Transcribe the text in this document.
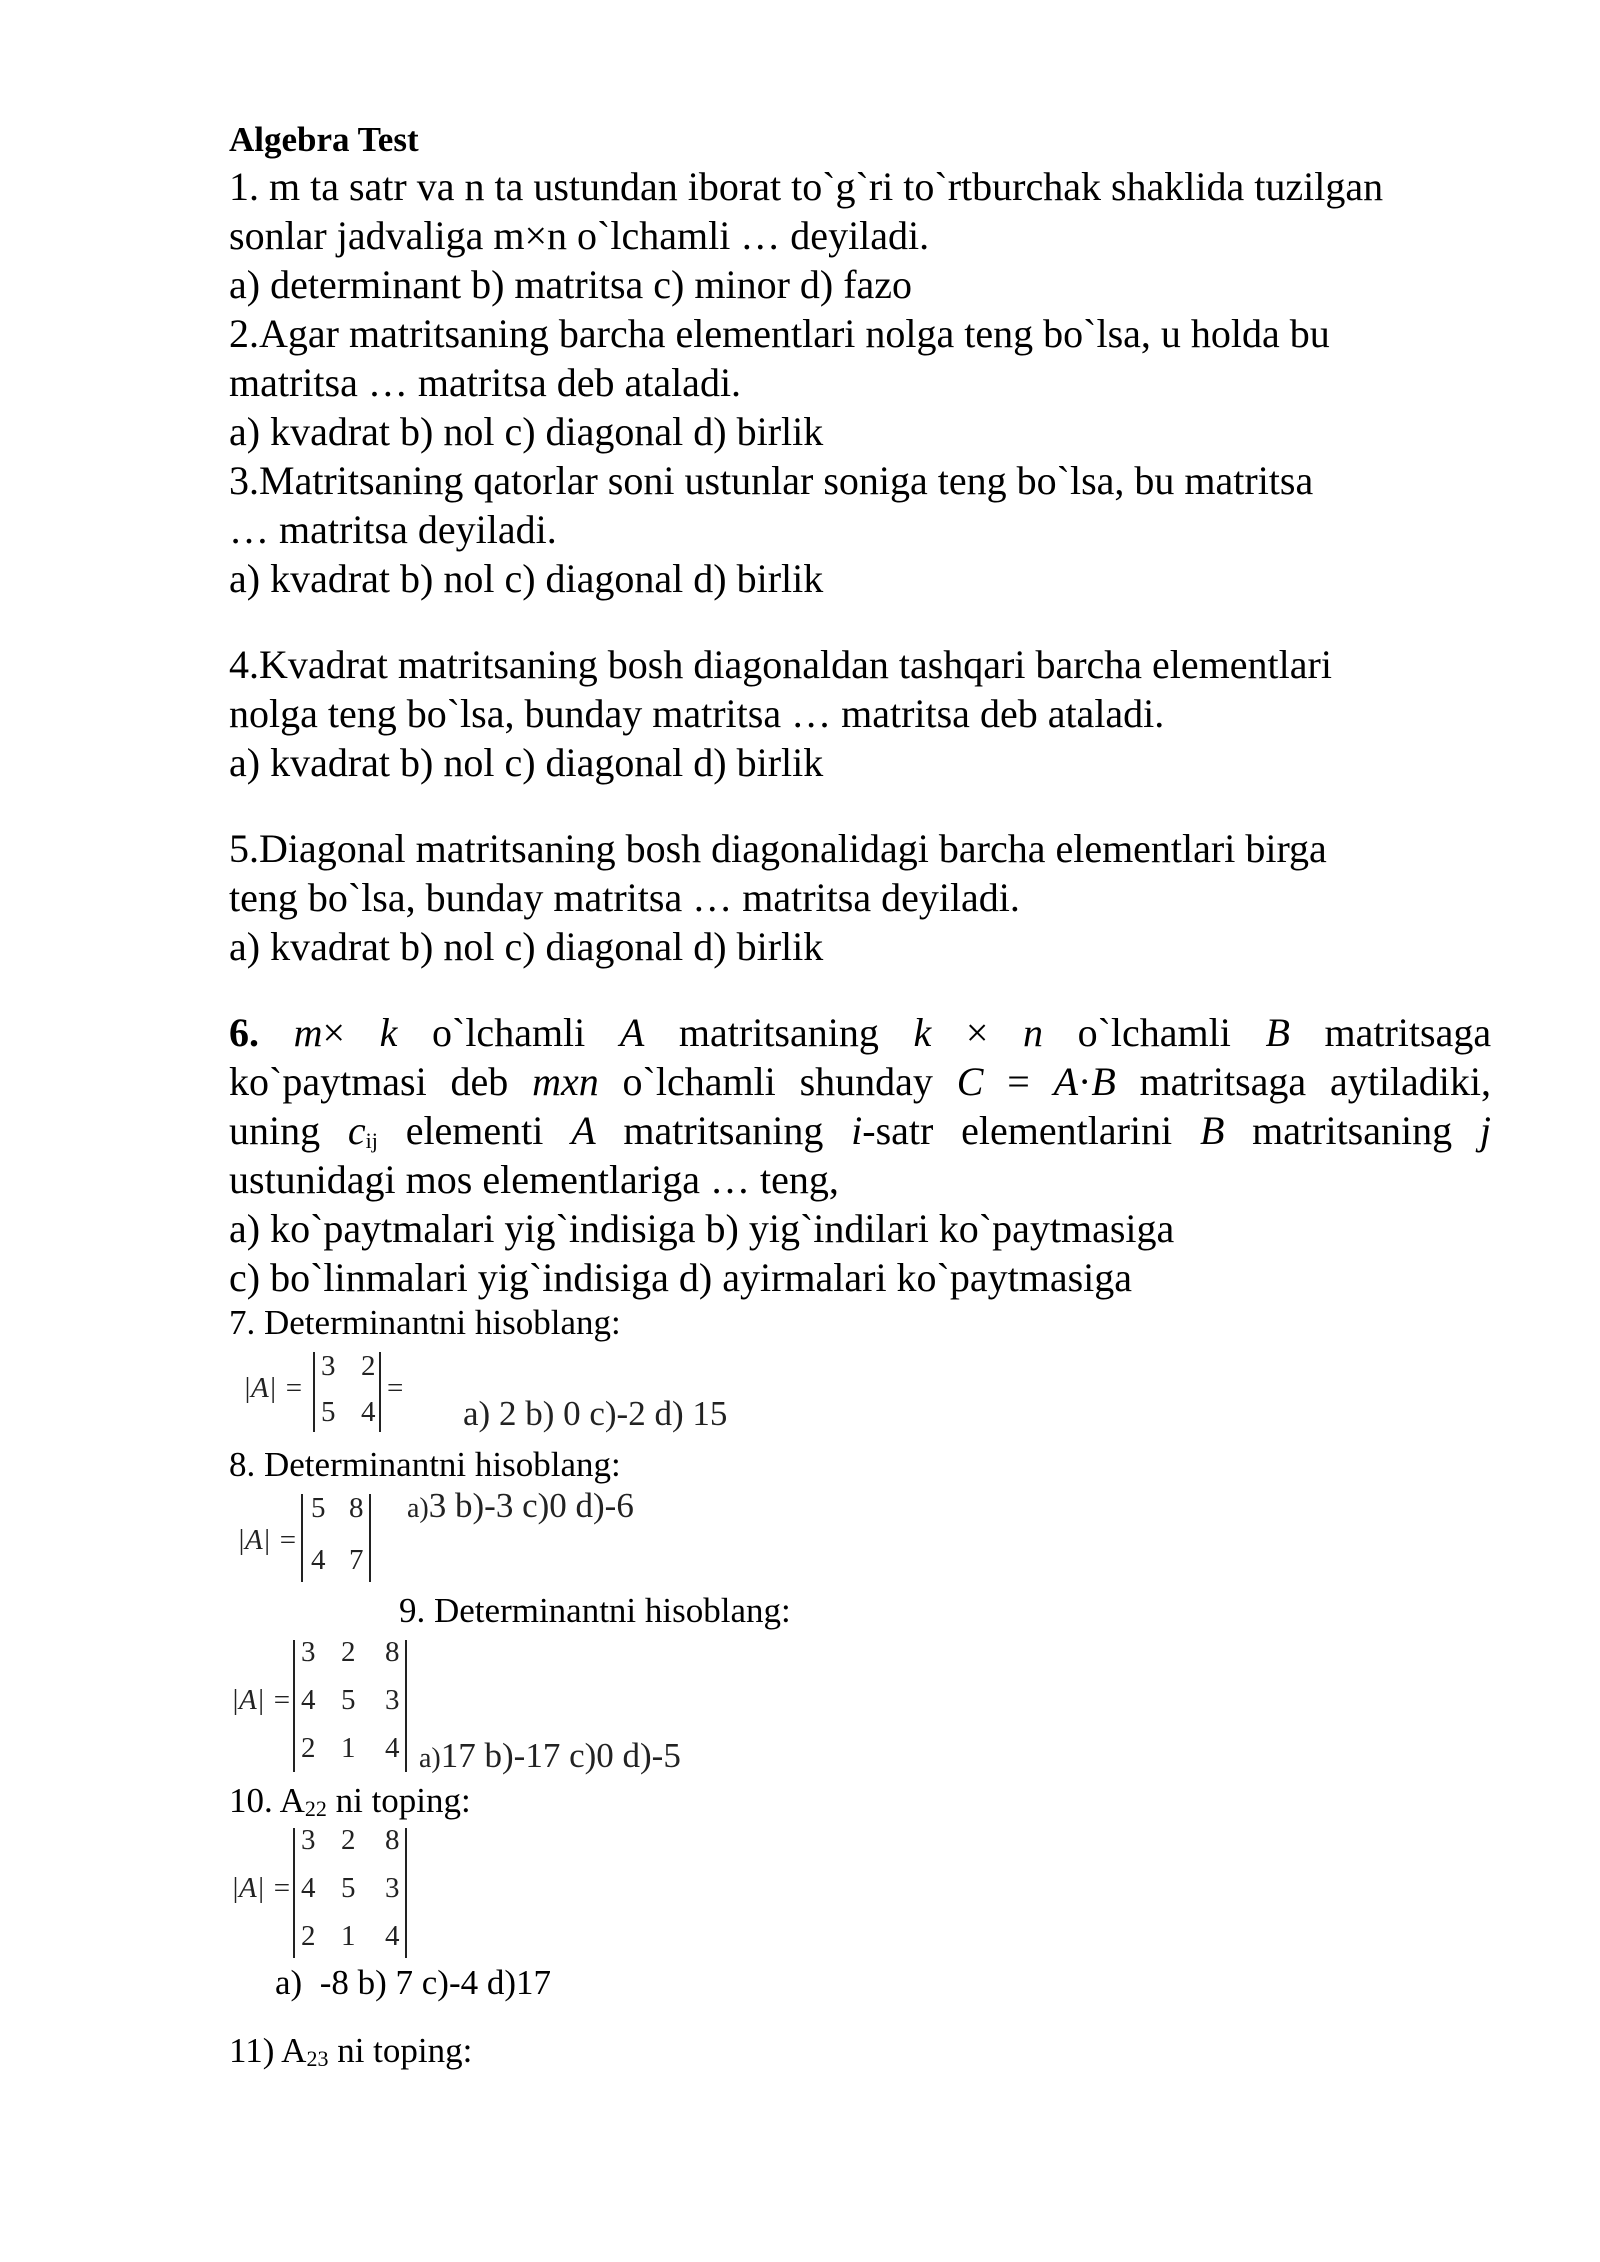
Algebra Test

1. m ta satr va n ta ustundan iborat to`g`ri to`rtburchak shaklida tuzilgan

sonlar jadvaliga m×n o`lchamli … deyiladi.

a) determinant b) matritsa c) minor d) fazo

2.Agar matritsaning barcha elementlari nolga teng bo`lsa, u holda bu

matritsa … matritsa deb ataladi.

a) kvadrat b) nol c) diagonal d) birlik

3.Matritsaning qatorlar soni ustunlar soniga teng bo`lsa, bu matritsa

… matritsa deyiladi.

a) kvadrat b) nol c) diagonal d) birlik

4.Kvadrat matritsaning bosh diagonaldan tashqari barcha elementlari

nolga teng bo`lsa, bunday matritsa … matritsa deb ataladi.

a) kvadrat b) nol c) diagonal d) birlik

5.Diagonal matritsaning bosh diagonalidagi barcha elementlari birga

teng bo`lsa, bunday matritsa … matritsa deyiladi.

a) kvadrat b) nol c) diagonal d) birlik

6. m× k o`lchamli A matritsaning k × n o`lchamli B matritsaga

ko`paytmasi deb mxn o`lchamli shunday C = A·B matritsaga aytiladiki,

uning $c_{ij}$ elementi A matritsaning i-satr elementlarini B matritsaning j

ustunidagi mos elementlariga … teng,

a) ko`paytmalari yig`indisiga b) yig`indilari ko`paytmasiga

c) bo`linmalari yig`indisiga d) ayirmalari ko`paytmasiga

7. Determinantni hisoblang:

|A| =
3 2
5 4
=
a) 2 b) 0 c)-2 d) 15

8. Determinantni hisoblang:

|A| =
5 8
4 7
a)3 b)-3 c)0 d)-6

9. Determinantni hisoblang:

|A| =
3 2 8
4 5 3
2 1 4 a)17 b)-17 c)0 d)-5

10. $A_{22}$ ni toping:

|A| =
3 2 8
4 5 3
2 1 4

a)  -8 b) 7 c)-4 d)17

11) $A_{23}$ ni toping:
